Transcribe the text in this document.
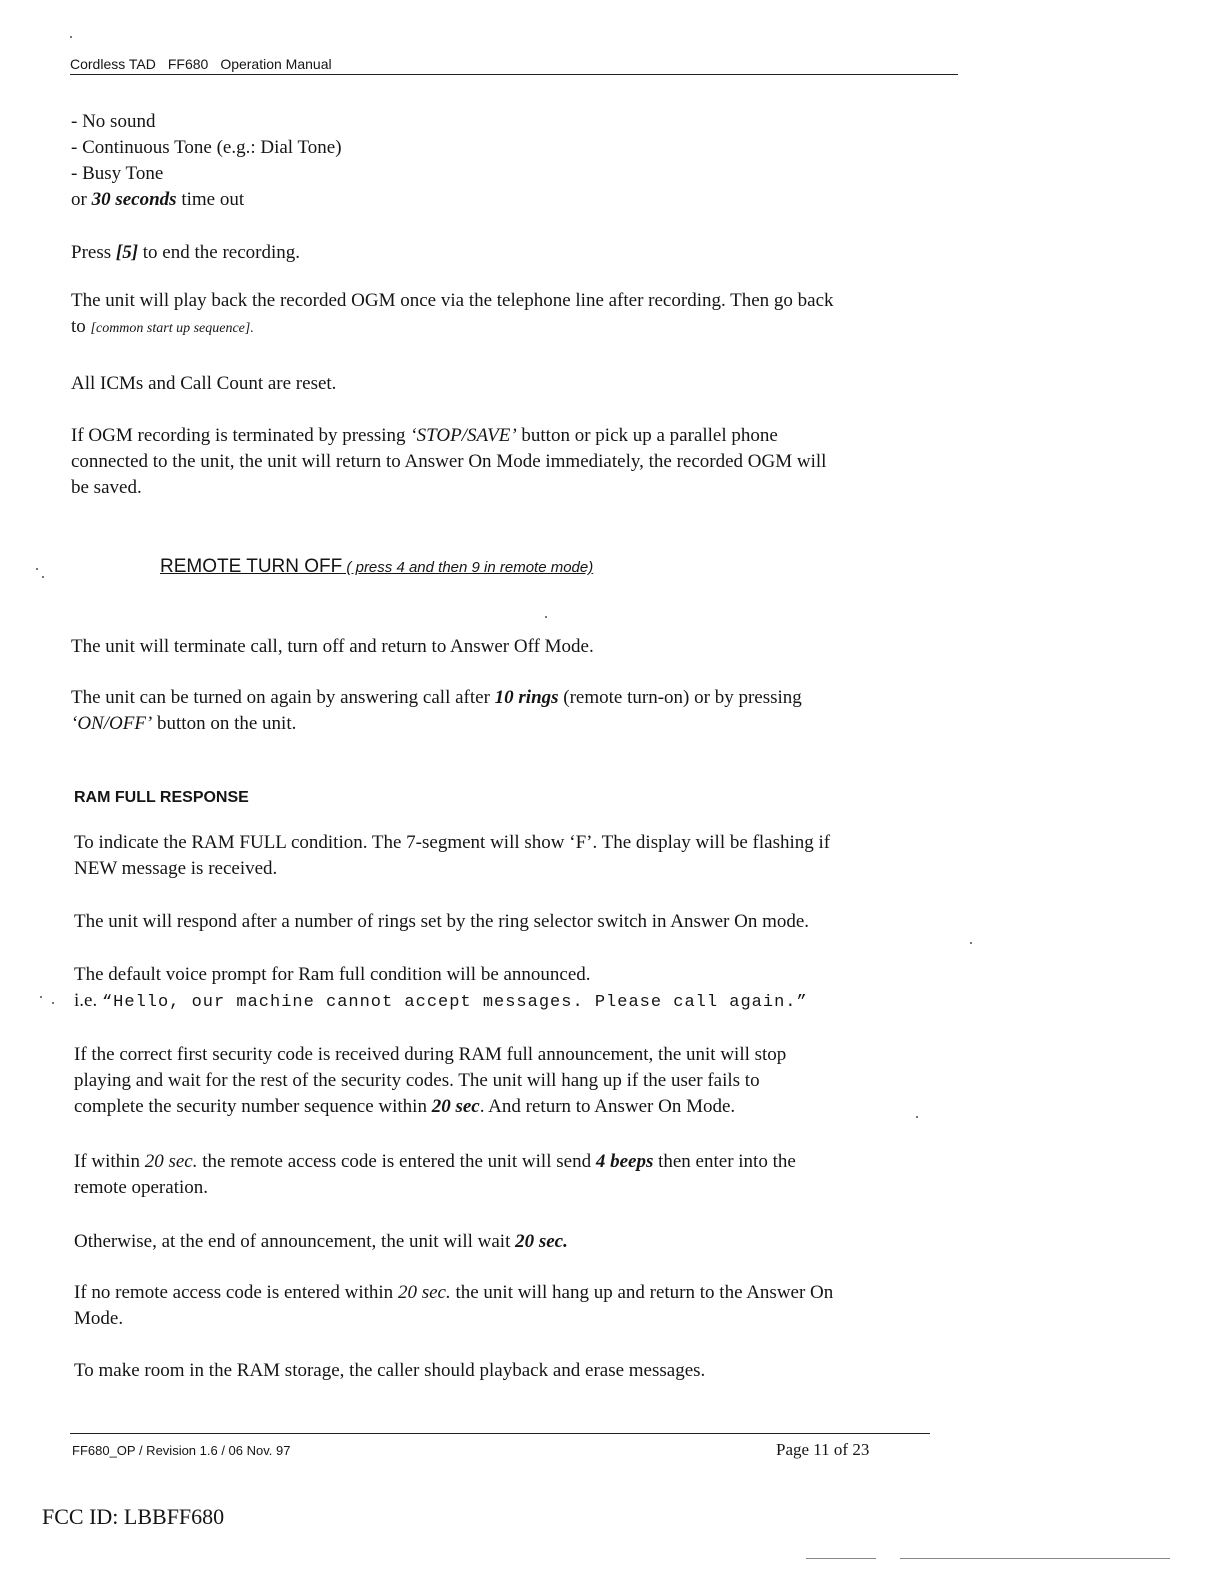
Cordless TAD FF680 Operation Manual
- No sound
- Continuous Tone (e.g.: Dial Tone)
- Busy Tone
or 30 seconds time out
Press [5] to end the recording.
The unit will play back the recorded OGM once via the telephone line after recording. Then go back
to [common start up sequence].
All ICMs and Call Count are reset.
If OGM recording is terminated by pressing ‘STOP/SAVE’ button or pick up a parallel phone
connected to the unit, the unit will return to Answer On Mode immediately, the recorded OGM will
be saved.
REMOTE TURN OFF ( press 4 and then 9 in remote mode)
The unit will terminate call, turn off and return to Answer Off Mode.
The unit can be turned on again by answering call after 10 rings (remote turn-on) or by pressing
‘ON/OFF’ button on the unit.
RAM FULL RESPONSE
To indicate the RAM FULL condition. The 7-segment will show ‘F’. The display will be flashing if
NEW message is received.
The unit will respond after a number of rings set by the ring selector switch in Answer On mode.
The default voice prompt for Ram full condition will be announced.
i.e. “Hello, our machine cannot accept messages. Please call again.”
If the correct first security code is received during RAM full announcement, the unit will stop
playing and wait for the rest of the security codes. The unit will hang up if the user fails to
complete the security number sequence within 20 sec. And return to Answer On Mode.
If within 20 sec. the remote access code is entered the unit will send 4 beeps then enter into the
remote operation.
Otherwise, at the end of announcement, the unit will wait 20 sec.
If no remote access code is entered within 20 sec. the unit will hang up and return to the Answer On
Mode.
To make room in the RAM storage, the caller should playback and erase messages.
FF680_OP / Revision 1.6 / 06 Nov. 97	Page 11 of 23
FCC ID: LBBFF680
